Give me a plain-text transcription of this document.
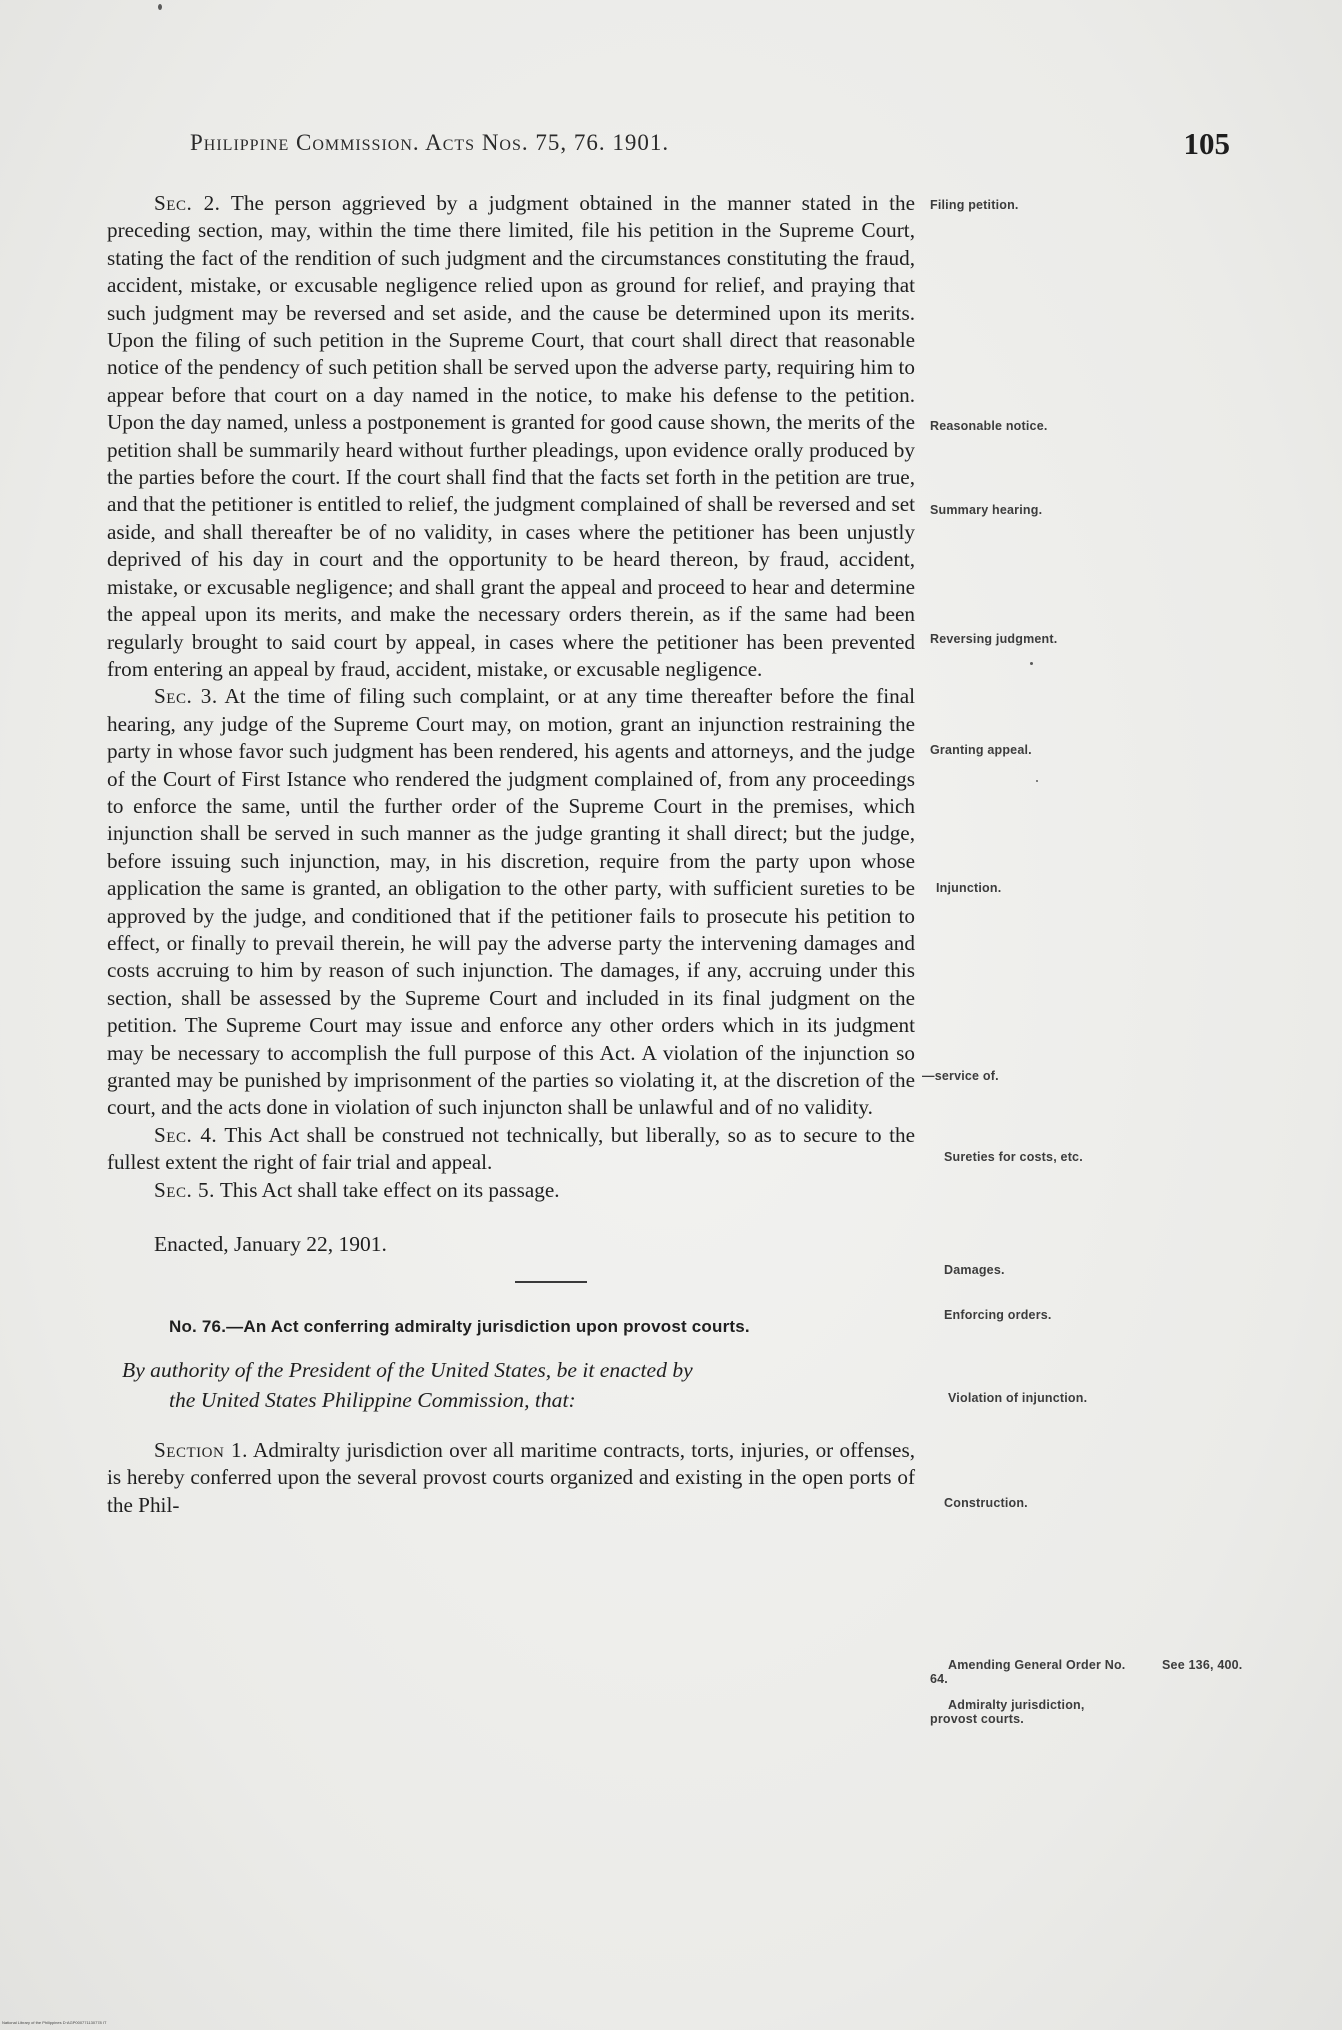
Philippine Commission. Acts Nos. 75, 76. 1901.	105

Sec. 2. The person aggrieved by a judgment obtained in the manner stated in the preceding section, may, within the time there limited, file his petition in the Supreme Court, stating the fact of the rendition of such judgment and the circumstances constituting the fraud, accident, mistake, or excusable negligence relied upon as ground for relief, and praying that such judgment may be reversed and set aside, and the cause be determined upon its merits. Upon the filing of such petition in the Supreme Court, that court shall direct that reasonable notice of the pendency of such petition shall be served upon the adverse party, requiring him to appear before that court on a day named in the notice, to make his defense to the petition. Upon the day named, unless a postponement is granted for good cause shown, the merits of the petition shall be summarily heard without further pleadings, upon evidence orally produced by the parties before the court. If the court shall find that the facts set forth in the petition are true, and that the petitioner is entitled to relief, the judgment complained of shall be reversed and set aside, and shall thereafter be of no validity, in cases where the petitioner has been unjustly deprived of his day in court and the opportunity to be heard thereon, by fraud, accident, mistake, or excusable negligence; and shall grant the appeal and proceed to hear and determine the appeal upon its merits, and make the necessary orders therein, as if the same had been regularly brought to said court by appeal, in cases where the petitioner has been prevented from entering an appeal by fraud, accident, mistake, or excusable negligence.

Sec. 3. At the time of filing such complaint, or at any time thereafter before the final hearing, any judge of the Supreme Court may, on motion, grant an injunction restraining the party in whose favor such judgment has been rendered, his agents and attorneys, and the judge of the Court of First Istance who rendered the judgment complained of, from any proceedings to enforce the same, until the further order of the Supreme Court in the premises, which injunction shall be served in such manner as the judge granting it shall direct; but the judge, before issuing such injunction, may, in his discretion, require from the party upon whose application the same is granted, an obligation to the other party, with sufficient sureties to be approved by the judge, and conditioned that if the petitioner fails to prosecute his petition to effect, or finally to prevail therein, he will pay the adverse party the intervening damages and costs accruing to him by reason of such injunction. The damages, if any, accruing under this section, shall be assessed by the Supreme Court and included in its final judgment on the petition. The Supreme Court may issue and enforce any other orders which in its judgment may be necessary to accomplish the full purpose of this Act. A violation of the injunction so granted may be punished by imprisonment of the parties so violating it, at the discretion of the court, and the acts done in violation of such injuncton shall be unlawful and of no validity.

Sec. 4. This Act shall be construed not technically, but liberally, so as to secure to the fullest extent the right of fair trial and appeal.

Sec. 5. This Act shall take effect on its passage.

Enacted, January 22, 1901.
No. 76.—An Act conferring admiralty jurisdiction upon provost courts.
By authority of the President of the United States, be it enacted by
the United States Philippine Commission, that:

Section 1. Admiralty jurisdiction over all maritime contracts, torts, injuries, or offenses, is hereby conferred upon the several provost courts organized and existing in the open ports of the Phil-

Filing petition.
Reasonable notice.
Summary hearing.
Reversing judgment.
Granting appeal.
Injunction.
—service of.
Sureties for costs, etc.
Damages.
Enforcing orders.
Violation of injunction.
Construction.
Amending General Order No. 64.
See 136, 400.
Admiralty jurisdiction, provost courts.
National Library of the Philippines D·AGP000771130778 IT
